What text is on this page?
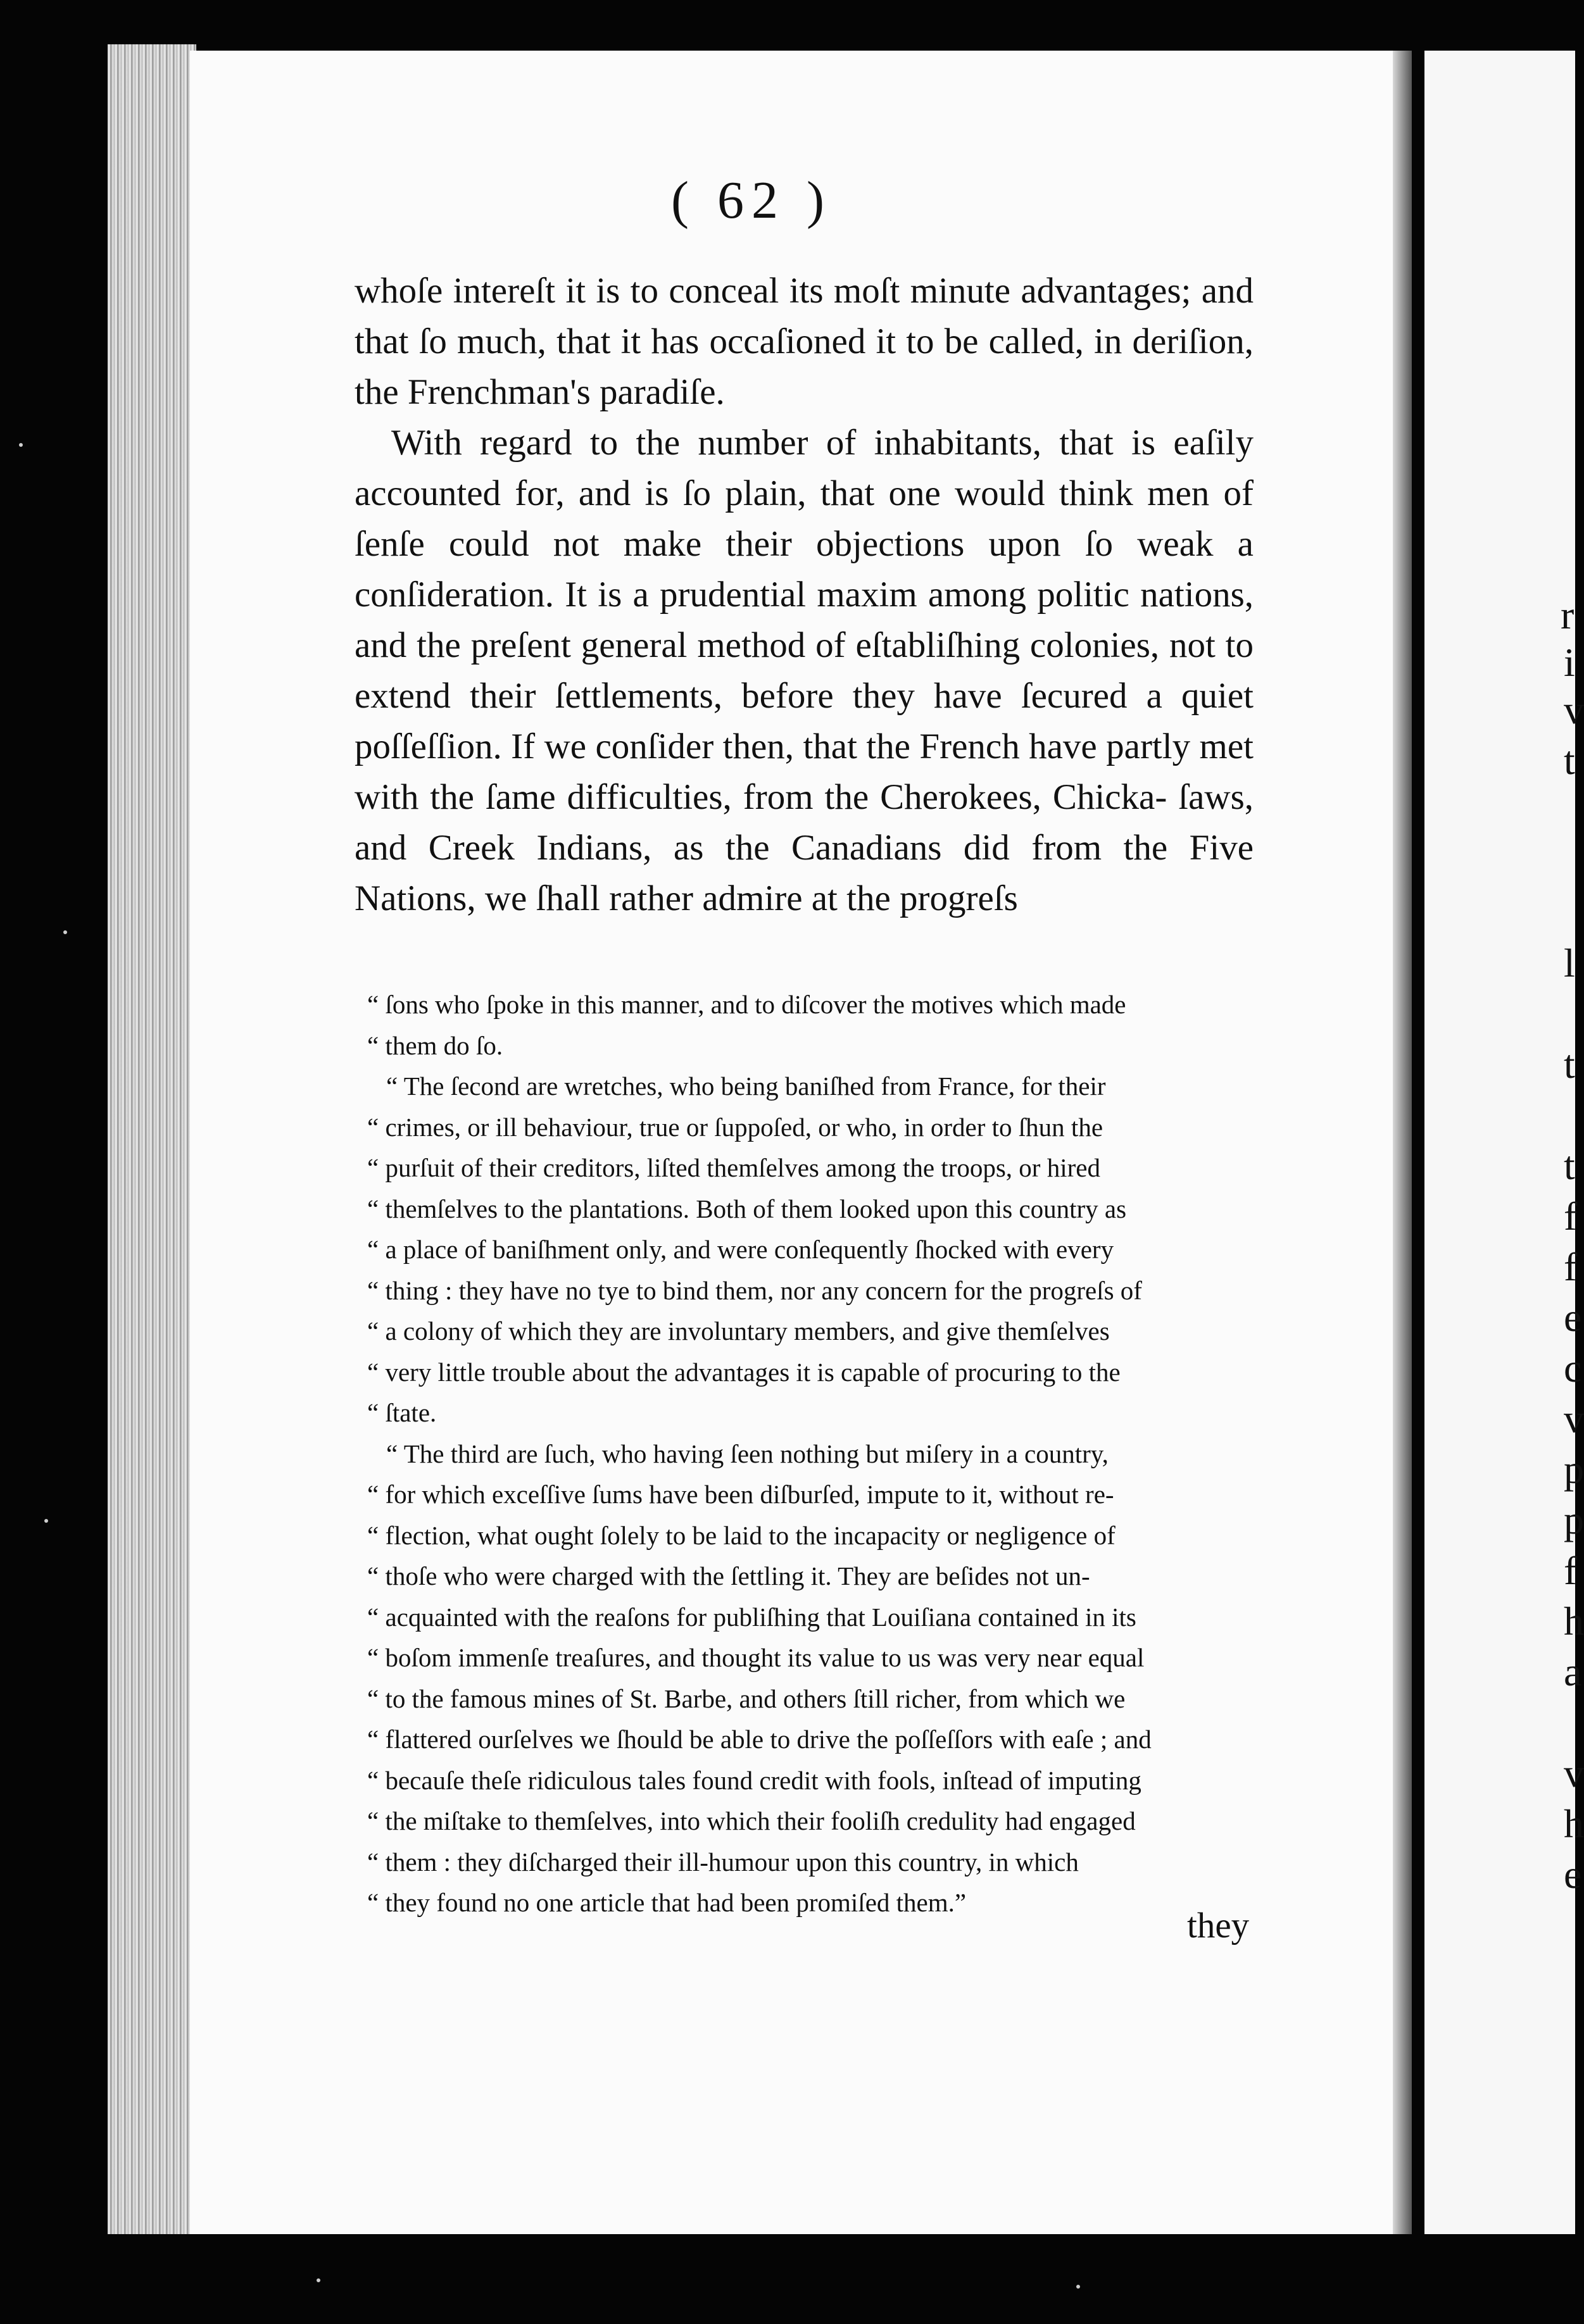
r
i
v
t
l
t
t
f
f
e
c
v
p
p
f
h
a
v
h
e
( 62 )

whoſe intereſt it is to conceal its moſt minute advantages; and that ſo much, that it has occaſioned it to be called, in deriſion, the Frenchman's paradiſe.

With regard to the number of inhabitants, that is eaſily accounted for, and is ſo plain, that one would think men of ſenſe could not make their objections upon ſo weak a conſideration. It is a prudential maxim among politic nations, and the preſent general method of eſtabliſhing colonies, not to extend their ſettlements, before they have ſecured a quiet poſſeſſion. If we conſider then, that the French have partly met with the ſame difficulties, from the Cherokees, Chicka- ſaws, and Creek Indians, as the Canadians did from the Five Nations, we ſhall rather admire at the progreſs

“ ſons who ſpoke in this manner, and to diſcover the motives which made
“ them do ſo.
“ The ſecond are wretches, who being baniſhed from France, for their
“ crimes, or ill behaviour, true or ſuppoſed, or who, in order to ſhun the
“ purſuit of their creditors, liſted themſelves among the troops, or hired
“ themſelves to the plantations. Both of them looked upon this country as
“ a place of baniſhment only, and were conſequently ſhocked with every
“ thing : they have no tye to bind them, nor any concern for the progreſs of
“ a colony of which they are involuntary members, and give themſelves
“ very little trouble about the advantages it is capable of procuring to the
“ ſtate.
“ The third are ſuch, who having ſeen nothing but miſery in a country,
“ for which exceſſive ſums have been diſburſed, impute to it, without re-
“ flection, what ought ſolely to be laid to the incapacity or negligence of
“ thoſe who were charged with the ſettling it. They are beſides not un-
“ acquainted with the reaſons for publiſhing that Louiſiana contained in its
“ boſom immenſe treaſures, and thought its value to us was very near equal
“ to the famous mines of St. Barbe, and others ſtill richer, from which we
“ flattered ourſelves we ſhould be able to drive the poſſeſſors with eaſe ; and
“ becauſe theſe ridiculous tales found credit with fools, inſtead of imputing
“ the miſtake to themſelves, into which their fooliſh credulity had engaged
“ them : they diſcharged their ill-humour upon this country, in which
“ they found no one article that had been promiſed them.”
they
